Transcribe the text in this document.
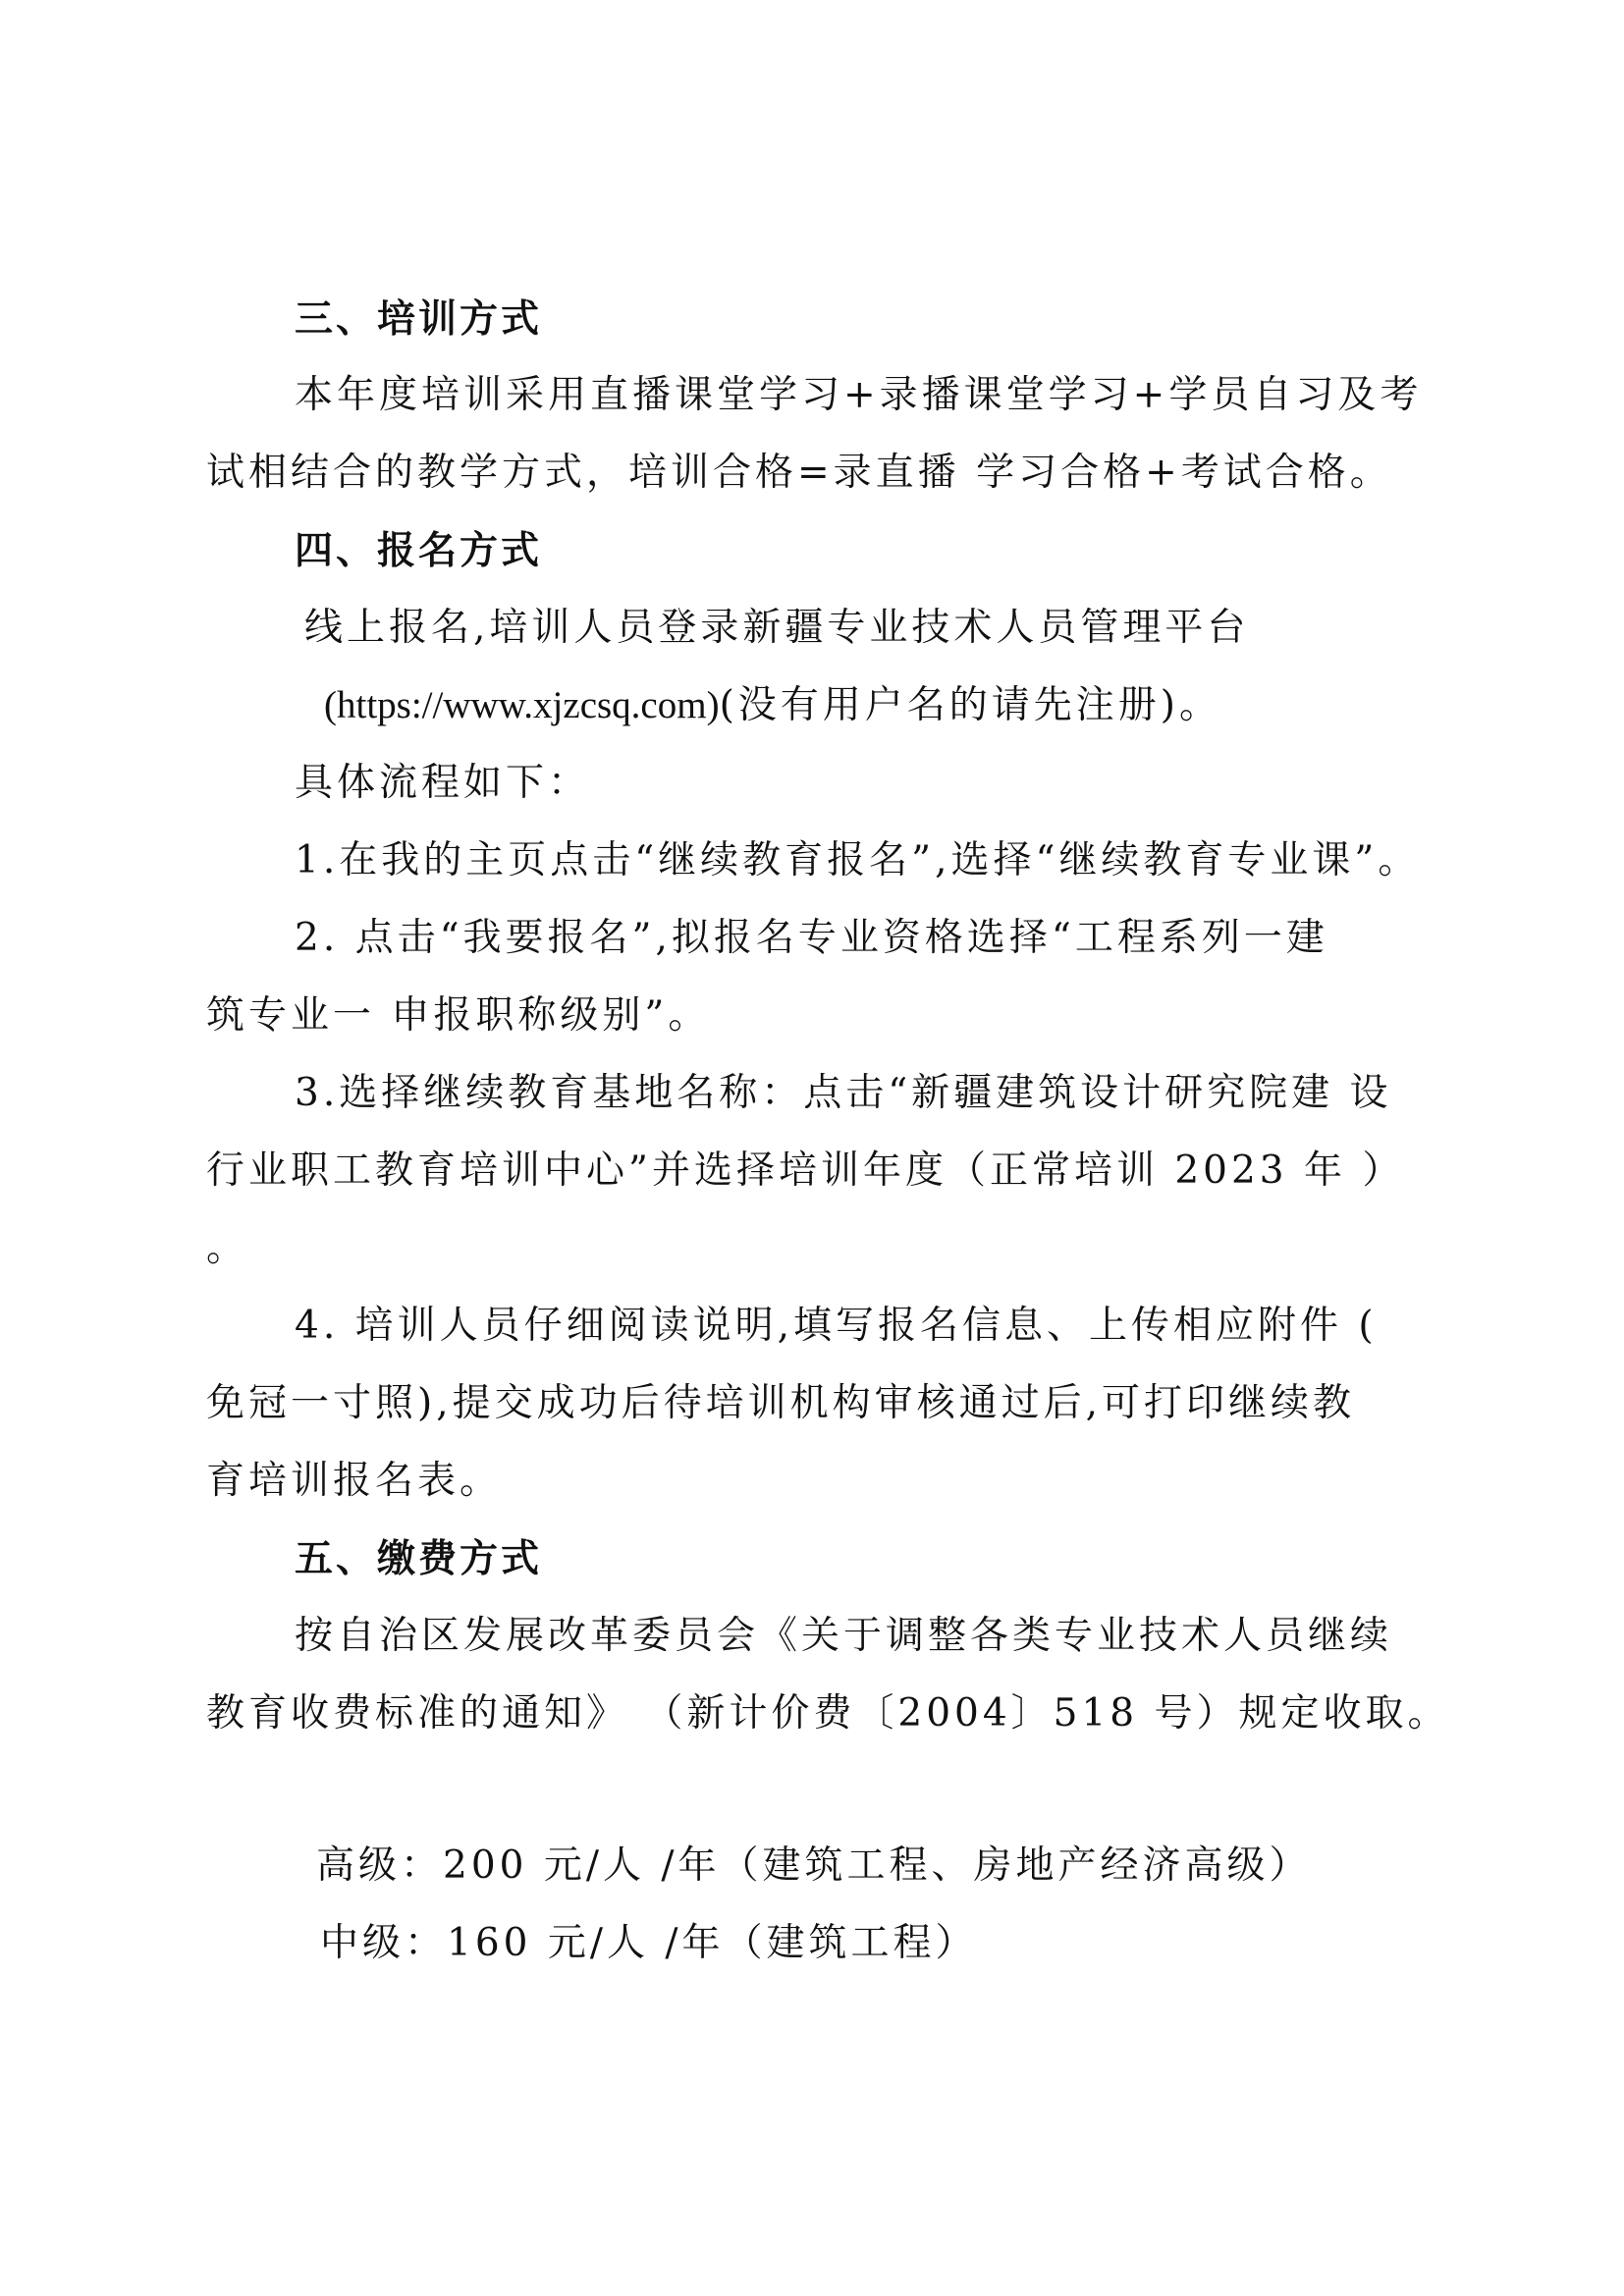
三、培训方式
本年度培训采用直播课堂学习+录播课堂学习+学员自习及考
试相结合的教学方式，培训合格=录直播 学习合格+考试合格。
四、报名方式
线上报名,培训人员登录新疆专业技术人员管理平台
(https://www.xjzcsq.com)(没有用户名的请先注册)。
具体流程如下：
1.在我的主页点击“继续教育报名”,选择“继续教育专业课”。
2. 点击“我要报名”,拟报名专业资格选择“工程系列一建
筑专业一 申报职称级别”。
3.选择继续教育基地名称：点击“新疆建筑设计研究院建 设
行业职工教育培训中心”并选择培训年度（正常培训 2023 年 ）
。
4. 培训人员仔细阅读说明,填写报名信息、上传相应附件 (
免冠一寸照),提交成功后待培训机构审核通过后,可打印继续教
育培训报名表。
五、缴费方式
按自治区发展改革委员会《关于调整各类专业技术人员继续
教育收费标准的通知》 （新计价费〔2004〕518 号）规定收取。
高级：200 元/人 /年（建筑工程、房地产经济高级）
中级：160 元/人 /年（建筑工程）
